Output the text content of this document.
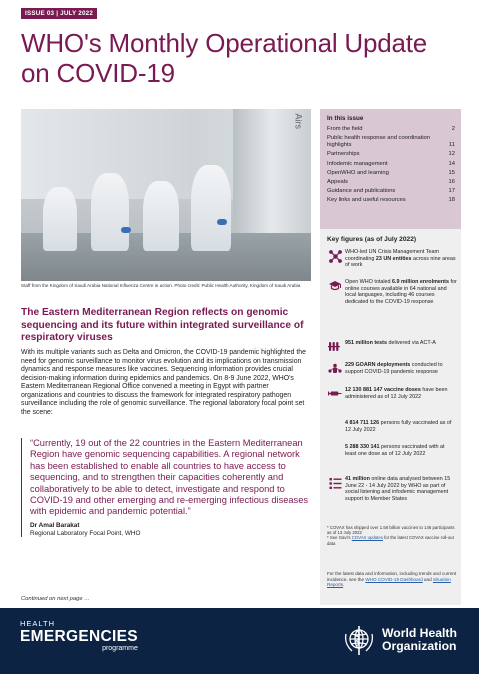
ISSUE 03 | JULY 2022
WHO's Monthly Operational Update on COVID-19
Airs
Staff from the Kingdom of Saudi Arabia National Influenza Centre in action. Photo credit: Public Health Authority, Kingdom of Saudi Arabia
The Eastern Mediterranean Region reflects on genomic sequencing and its future within integrated surveillance of respiratory viruses

With its multiple variants such as Delta and Omicron, the COVID-19 pandemic highlighted the need for genomic surveillance to monitor virus evolution and its implications on transmission dynamics and response measures like vaccines. Sequencing information provides crucial decision-making information during epidemics and pandemics. On 8-9 June 2022, WHO's Eastern Mediterranean Regional Office convened a meeting in Egypt with partner organizations and countries to discuss the framework for integrated respiratory pathogen surveillance including the role of genomic surveillance. The regional laboratory focal point set the scene:

“Currently, 19 out of the 22 countries in the Eastern Mediterranean Region have genomic sequencing capabilities. A regional network has been established to enable all countries to have access to sequencing, and to strengthen their capacities coherently and collaboratively to be able to detect, investigate and respond to COVID-19 and other emerging and re-emerging infectious diseases with epidemic and pandemic potential.”

Dr Amal Barakat

Regional Laboratory Focal Point, WHO

Continued on next page …
In this issue
From the field	2
Public health response and coordination highlights	11
Partnerships	12
Infodemic management	14
OpenWHO and learning	15
Appeals	16
Guidance and publications	17
Key links and useful resources	18
Key figures (as of July 2022)
WHO-led UN Crisis Management Team coordinating 23 UN entities across nine areas of work
Open WHO totaled 6.9 million enrolments for online courses available in 64 national and local languages, including 46 courses dedicated to the COVID-19 response
951 million tests delivered via ACT-A
229 GOARN deployments conducted to support COVID-19 pandemic response
12 130 881 147 vaccine doses have been administered as of 12 July 2022
4 814 711 126 persons fully vaccinated as of 12 July 2022
5 288 330 141 persons vaccinated with at least one dose as of 12 July 2022
41 million online data analysed between 15 June 22 - 14 July 2022 by WHO as part of social listening and infodemic management support to Member States
* COVAX has shipped over 1.58 billion vaccines to 146 participants as of 13 July 2022
* See Gavi's COVAX updates for the latest COVAX vaccine roll-out data
For the latest data and information, including trends and current incidence, see the WHO COVID-19 Dashboard and Situation Reports.
HEALTH
EMERGENCIES
programme
World Health
Organization
